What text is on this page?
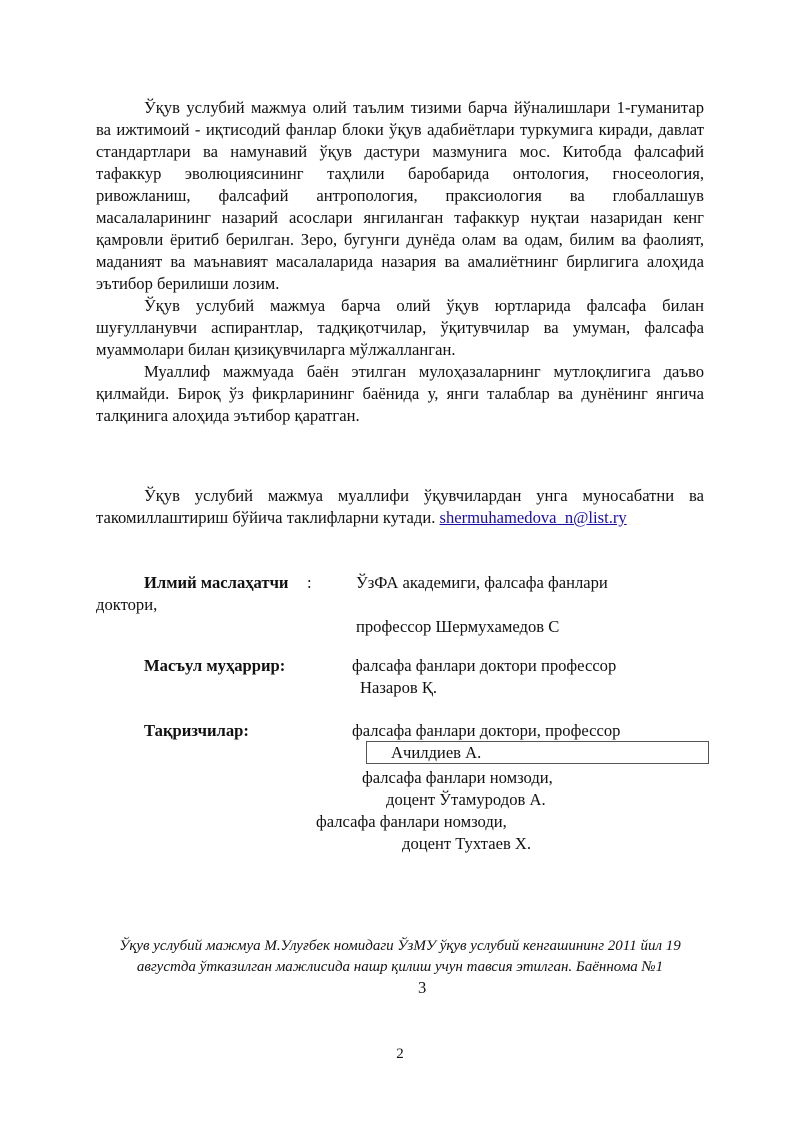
Ўқув услубий мажмуа олий таълим тизими барча йўналишлари 1-гуманитар ва ижтимоий - иқтисодий фанлар блоки ўқув адабиётлари туркумига киради, давлат стандартлари ва намунавий ўқув дастури мазмунига мос. Китобда фалсафий тафаккур эволюциясининг таҳлили баробарида онтология, гносеология, ривожланиш, фалсафий антропология, праксиология ва глобаллашув масалаларининг назарий асослари янгиланган тафаккур нуқтаи назаридан кенг қамровли ёритиб берилган. Зеро, бугунги дунёда олам ва одам, билим ва фаолият, маданият ва маънавият масалаларида назария ва амалиётнинг бирлигига алоҳида эътибор берилиши лозим.

Ўқув услубий мажмуа барча олий ўқув юртларида фалсафа билан шуғулланувчи аспирантлар, тадқиқотчилар, ўқитувчилар ва умуман, фалсафа муаммолари билан қизиқувчиларга мўлжалланган.

Муаллиф мажмуада баён этилган мулоҳазаларнинг мутлоқлигига даъво қилмайди. Бироқ ўз фикрларининг баёнида у, янги талаблар ва дунёнинг янгича талқинига алоҳида эътибор қаратган.

Ўқув услубий мажмуа муаллифи ўқувчилардан унга муносабатни ва такомиллаштириш бўйича таклифларни кутади. shermuhamedova_n@list.ry

Илмий маслаҳатчи :	ЎзФА академиги, фалсафа фанлари
доктори,
профессор Шермухамедов С
Масъул муҳаррир:	фалсафа фанлари доктори профессор
Назаров Қ.
Тақризчилар:	фалсафа фанлари доктори, профессор
Ачилдиев А.
фалсафа фанлари номзоди,
доцент Ўтамуродов А.
фалсафа фанлари номзоди,
доцент Тухтаев Х.
Ўқув услубий мажмуа М.Улуғбек номидаги ЎзМУ ўқув услубий кенгашининг 2011 йил 19 августда ўтказилган мажлисида нашр қилиш учун тавсия этилган. Баённома №1
3
2
